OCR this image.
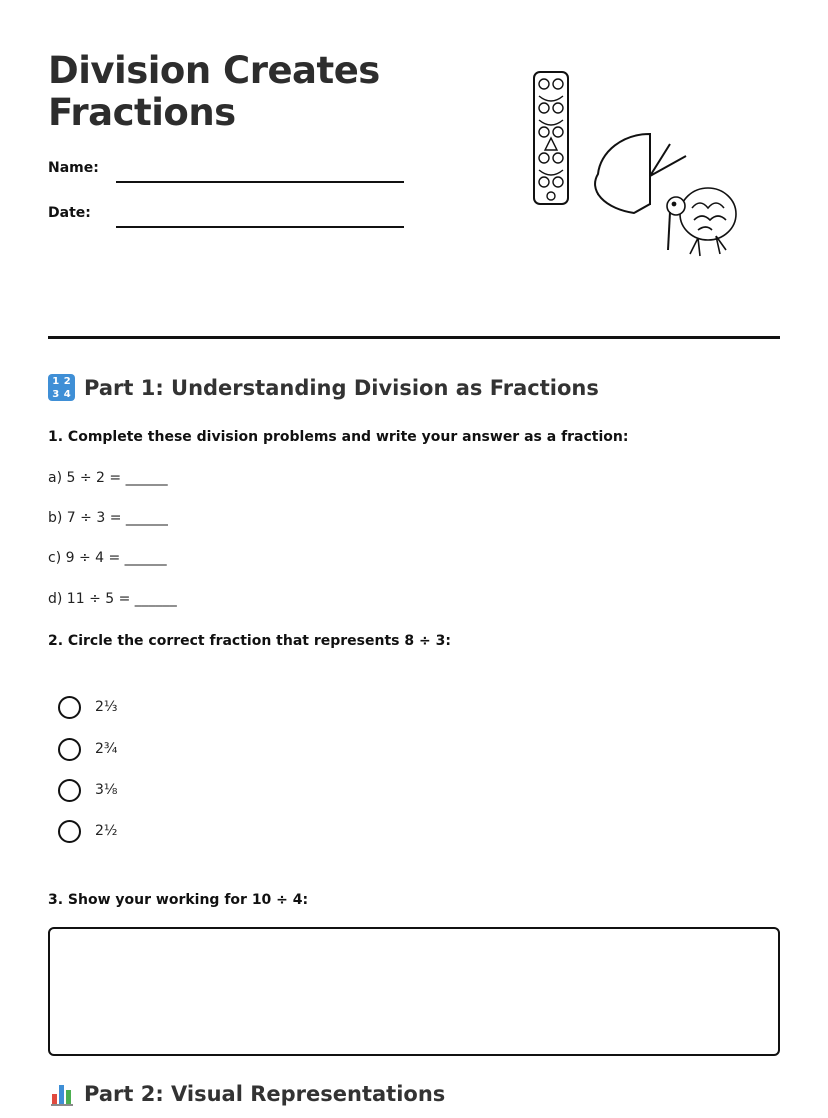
Division Creates Fractions
Name:
Date:
1 2
3 4 Part 1: Understanding Division as Fractions
1. Complete these division problems and write your answer as a fraction:
a) 5 ÷ 2 = ______
b) 7 ÷ 3 = ______
c) 9 ÷ 4 = ______
d) 11 ÷ 5 = ______
2. Circle the correct fraction that represents 8 ÷ 3:
2⅓
2¾
3⅛
2½
3. Show your working for 10 ÷ 4:
Part 2: Visual Representations
